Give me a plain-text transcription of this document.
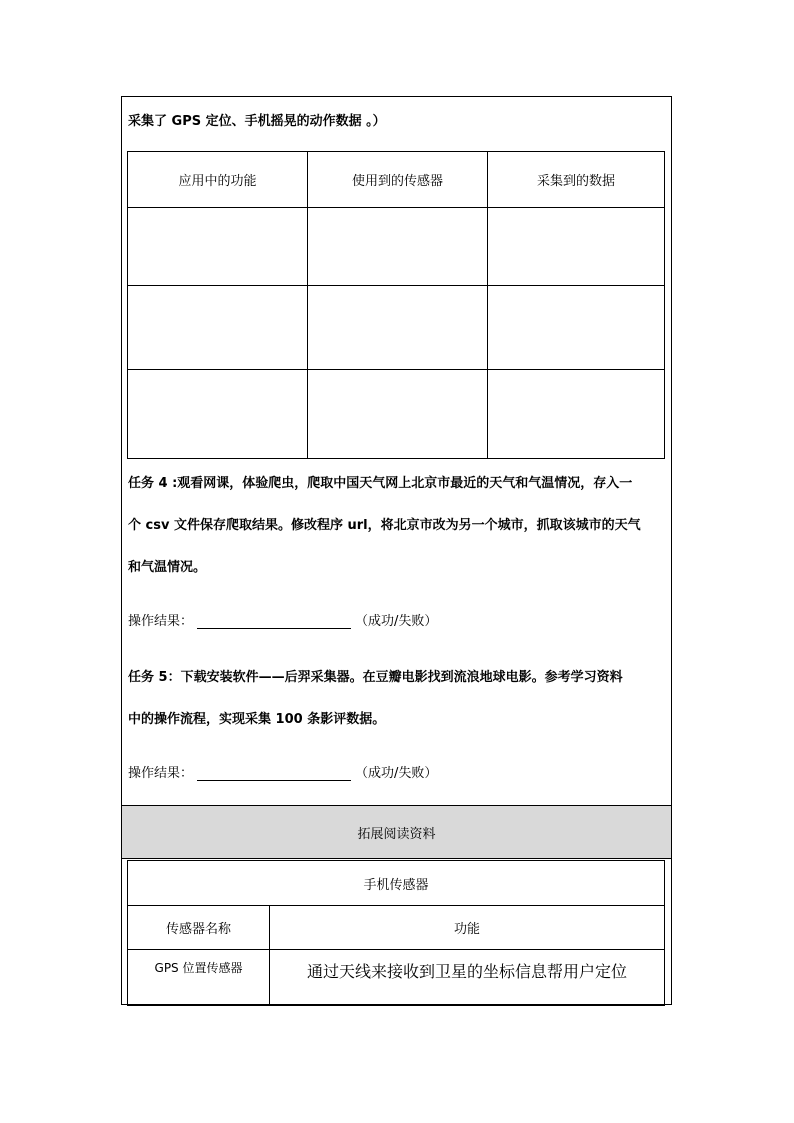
采集了 GPS 定位、手机摇晃的动作数据 。）
应用中的功能	使用到的传感器	采集到的数据

任务 4 :观看网课，体验爬虫，爬取中国天气网上北京市最近的天气和气温情况，存入一
个 csv 文件保存爬取结果。修改程序 url，将北京市改为另一个城市，抓取该城市的天气
和气温情况。
操作结果：	（成功/失败）
任务 5：下载安装软件——后羿采集器。在豆瓣电影找到流浪地球电影。参考学习资料
中的操作流程，实现采集 100 条影评数据。
操作结果：	（成功/失败）
拓展阅读资料
手机传感器	
传感器名称	功能
GPS 位置传感器	通过天线来接收到卫星的坐标信息帮用户定位
